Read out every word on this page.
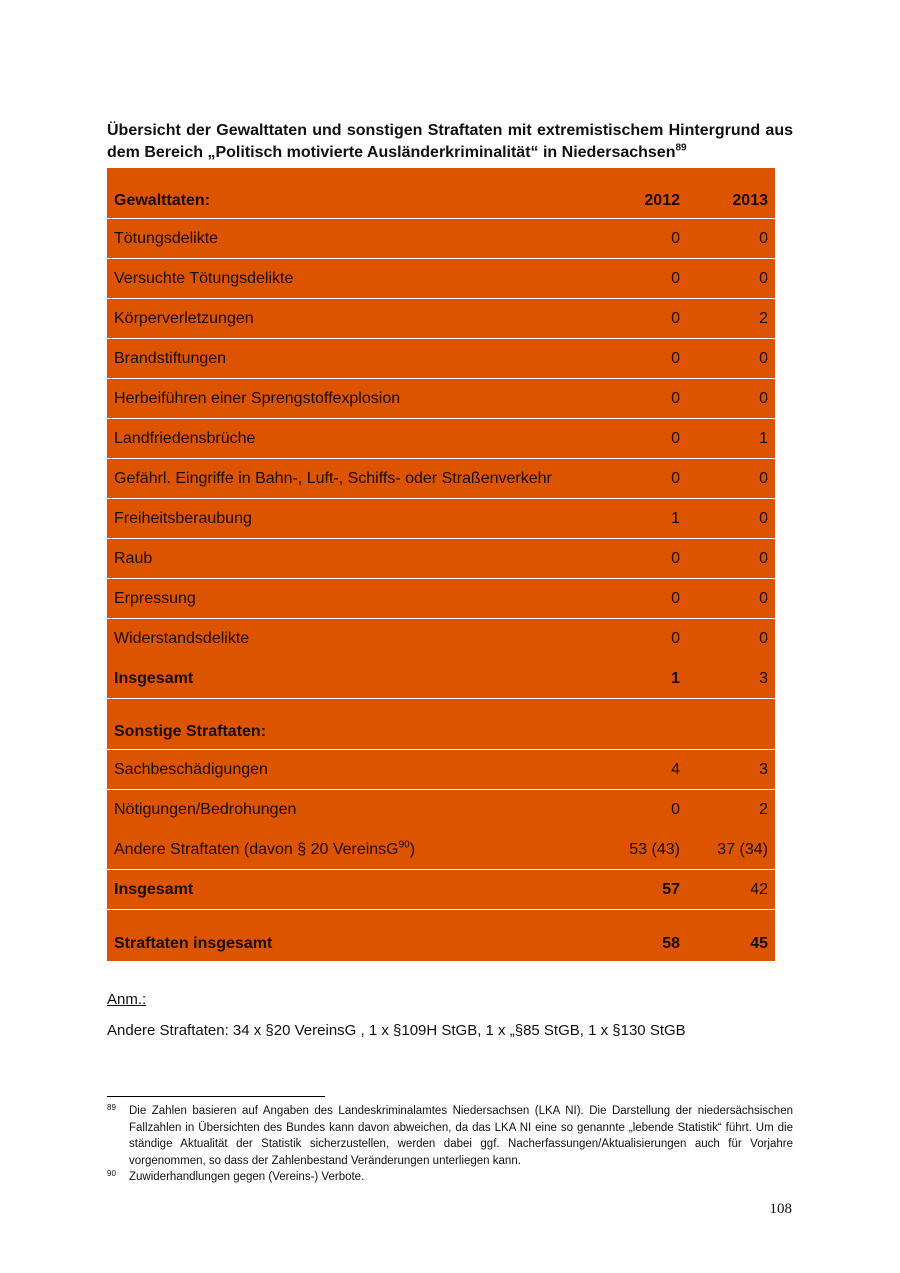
Übersicht der Gewalttaten und sonstigen Straftaten mit extremistischem Hintergrund aus dem Bereich „Politisch motivierte Ausländerkriminalität“ in Niedersachsen$^{89}$
Gewalttaten:	2012	2013
Tötungsdelikte	0	0
Versuchte Tötungsdelikte	0	0
Körperverletzungen	0	2
Brandstiftungen	0	0
Herbeiführen einer Sprengstoffexplosion	0	0
Landfriedensbrüche	0	1
Gefährl. Eingriffe in Bahn-, Luft-, Schiffs- oder Straßenverkehr	0	0
Freiheitsberaubung	1	0
Raub	0	0
Erpressung	0	0
Widerstandsdelikte	0	0
Insgesamt	1	3
Sonstige Straftaten:
Sachbeschädigungen	4	3
Nötigungen/Bedrohungen	0	2
Andere Straftaten (davon § 20 VereinsG$^{90}$)	53 (43)	37 (34)
Insgesamt	57	42
Straftaten insgesamt	58	45
Anm.:
Andere Straftaten: 34 x §20 VereinsG , 1 x §109H StGB, 1 x „§85 StGB, 1 x §130 StGB
89 Die Zahlen basieren auf Angaben des Landeskriminalamtes Niedersachsen (LKA NI). Die Darstellung der niedersächsischen Fallzahlen in Übersichten des Bundes kann davon abweichen, da das LKA NI eine so genannte „lebende Statistik“ führt. Um die ständige Aktualität der Statistik sicherzustellen, werden dabei ggf. Nacherfassungen/Aktualisierungen auch für Vorjahre vorgenommen, so dass der Zahlenbestand Veränderungen unterliegen kann.
90 Zuwiderhandlungen gegen (Vereins-) Verbote.
108
